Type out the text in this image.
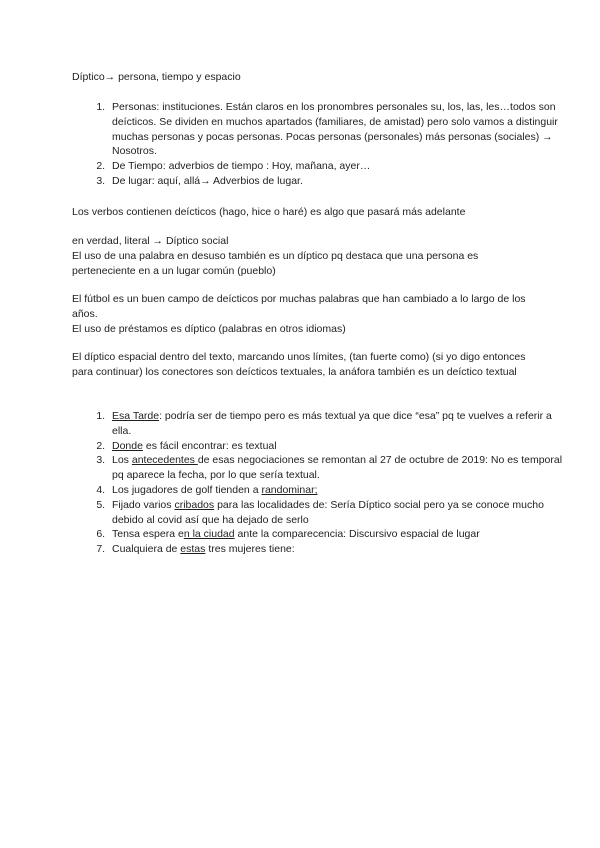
Díptico→ persona, tiempo y espacio

1. Personas: instituciones. Están claros en los pronombres personales su, los, las, les…todos son deícticos. Se dividen en muchos apartados (familiares, de amistad) pero solo vamos a distinguir muchas personas y pocas personas. Pocas personas (personales) más personas (sociales) → Nosotros.
2. De Tiempo: adverbios de tiempo : Hoy, mañana, ayer…
3. De lugar: aquí, allá→ Adverbios de lugar.

Los verbos contienen deícticos (hago, hice o haré) es algo que pasará más adelante

en verdad, literal → Díptico social

El uso de una palabra en desuso también es un díptico pq destaca que una persona es perteneciente en a un lugar común (pueblo)

El fútbol es un buen campo de deícticos por muchas palabras que han cambiado a lo largo de los años.

El uso de préstamos es díptico (palabras en otros idiomas)

El díptico espacial dentro del texto, marcando unos límites, (tan fuerte como) (si yo digo entonces para continuar) los conectores son deícticos textuales, la anáfora también es un deíctico textual

1. Esa Tarde: podría ser de tiempo pero es más textual ya que dice “esa” pq te vuelves a referir a ella.
2. Donde es fácil encontrar: es textual
3. Los antecedentes de esas negociaciones se remontan al 27 de octubre de 2019: No es temporal pq aparece la fecha, por lo que sería textual.
4. Los jugadores de golf tienden a randominar;
5. Fijado varios cribados para las localidades de: Sería Díptico social pero ya se conoce mucho debido al covid así que ha dejado de serlo
6. Tensa espera en la ciudad ante la comparecencia: Discursivo espacial de lugar
7. Cualquiera de estas tres mujeres tiene:
